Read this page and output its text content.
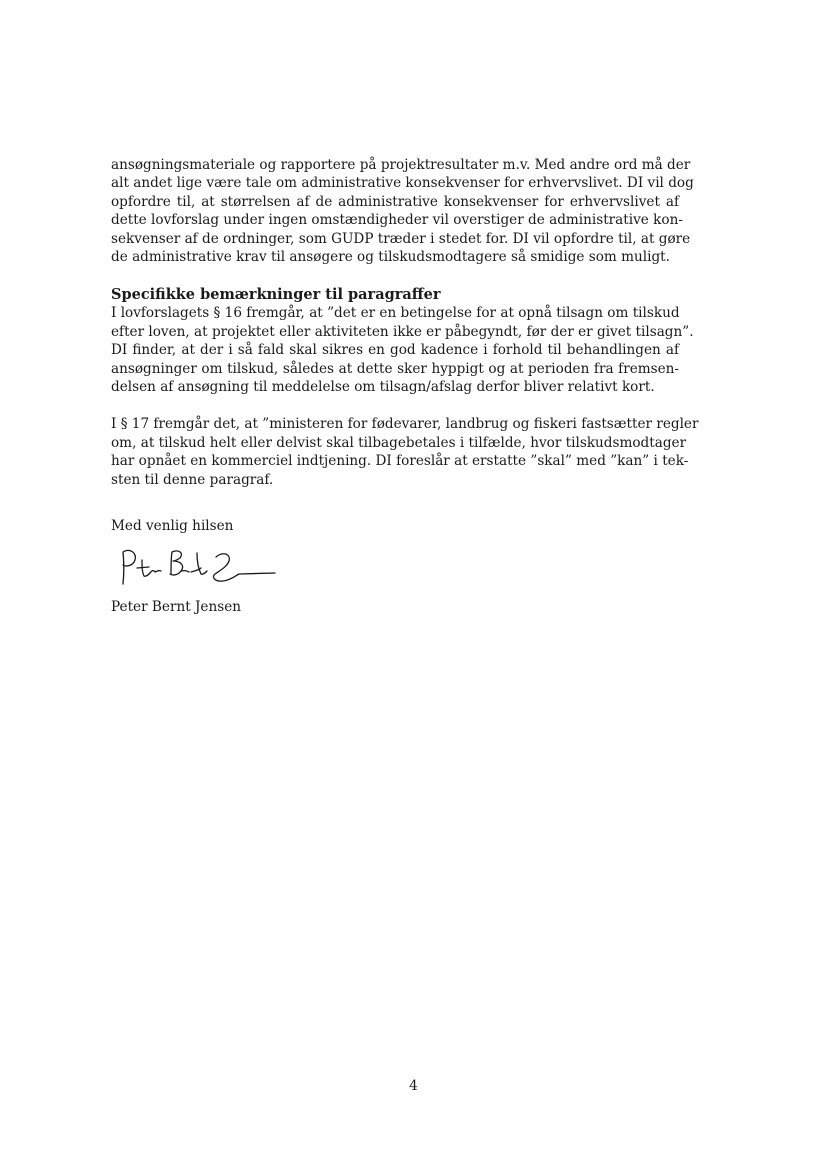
ansøgningsmateriale og rapportere på projektresultater m.v. Med andre ord må der
alt andet lige være tale om administrative konsekvenser for erhvervslivet. DI vil dog
opfordre til, at størrelsen af de administrative konsekvenser for erhvervslivet af
dette lovforslag under ingen omstændigheder vil overstiger de administrative kon-
sekvenser af de ordninger, som GUDP træder i stedet for. DI vil opfordre til, at gøre
de administrative krav til ansøgere og tilskudsmodtagere så smidige som muligt.
Specifikke bemærkninger til paragraffer
I lovforslagets § 16 fremgår, at ”det er en betingelse for at opnå tilsagn om tilskud
efter loven, at projektet eller aktiviteten ikke er påbegyndt, før der er givet tilsagn”.
DI finder, at der i så fald skal sikres en god kadence i forhold til behandlingen af
ansøgninger om tilskud, således at dette sker hyppigt og at perioden fra fremsen-
delsen af ansøgning til meddelelse om tilsagn/afslag derfor bliver relativt kort.
I § 17 fremgår det, at ”ministeren for fødevarer, landbrug og fiskeri fastsætter regler
om, at tilskud helt eller delvist skal tilbagebetales i tilfælde, hvor tilskudsmodtager
har opnået en kommerciel indtjening. DI foreslår at erstatte ”skal” med ”kan” i tek-
sten til denne paragraf.
Med venlig hilsen
Peter Bernt Jensen
4
